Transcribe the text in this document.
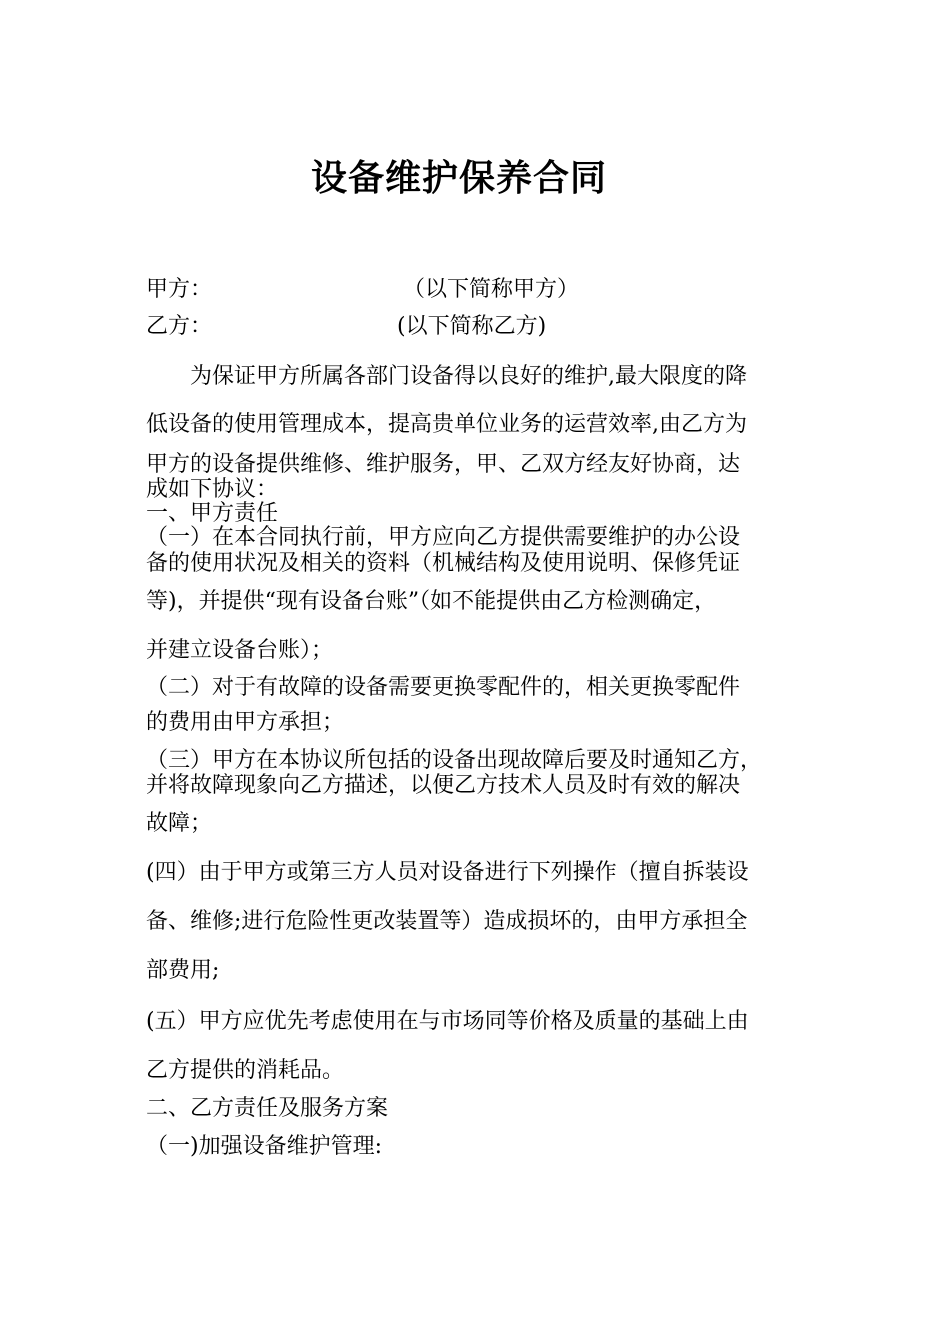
设备维护保养合同
甲方：	（以下简称甲方）
乙方：	(以下简称乙方)
为保证甲方所属各部门设备得以良好的维护,最大限度的降
低设备的使用管理成本，提高贵单位业务的运营效率,由乙方为
甲方的设备提供维修、维护服务，甲、乙双方经友好协商，达
成如下协议：
一、甲方责任
（一）在本合同执行前，甲方应向乙方提供需要维护的办公设
备的使用状况及相关的资料（机械结构及使用说明、保修凭证
等)，并提供“现有设备台账”（如不能提供由乙方检测确定，
并建立设备台账）；
（二）对于有故障的设备需要更换零配件的，相关更换零配件
的费用由甲方承担；
（三）甲方在本协议所包括的设备出现故障后要及时通知乙方，
并将故障现象向乙方描述，以便乙方技术人员及时有效的解决
故障；
(四）由于甲方或第三方人员对设备进行下列操作（擅自拆装设
备、维修;进行危险性更改装置等）造成损坏的，由甲方承担全
部费用;
(五）甲方应优先考虑使用在与市场同等价格及质量的基础上由
乙方提供的消耗品。
二、乙方责任及服务方案
（一)加强设备维护管理:
